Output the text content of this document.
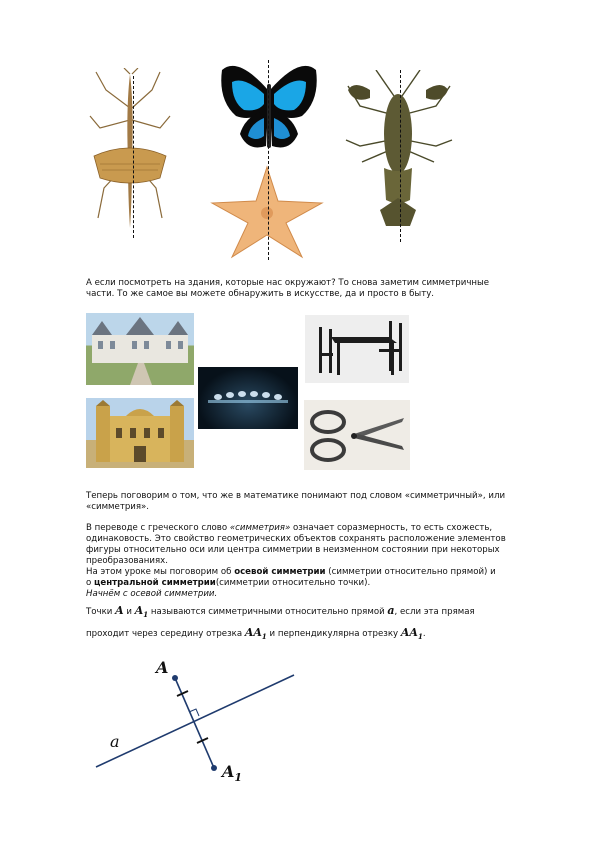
А если посмотреть на здания, которые нас окружают? То снова заметим симметричные
части. То же самое вы можете обнаружить в искусстве, да и просто в быту.
Теперь поговорим о том, что же в математике понимают под словом «симметричный», или
«симметрия».
В переводе с греческого слово «симметрия» означает соразмерность, то есть схожесть,
одинаковость. Это свойство геометрических объектов сохранять расположение элементов
фигуры относительно оси или центра симметрии в неизменном состоянии при некоторых
преобразованиях.
На этом уроке мы поговорим об осевой симметрии (симметрии относительно прямой) и
о центральной симметрии(симметрии относительно точки).
Начнём с осевой симметрии.
Точки A и $A_1$ называются симметричными относительно прямой a, если эта прямая
проходит через середину отрезка $AA_1$ и перпендикулярна отрезку $AA_1$.
A
$A_1$
a
